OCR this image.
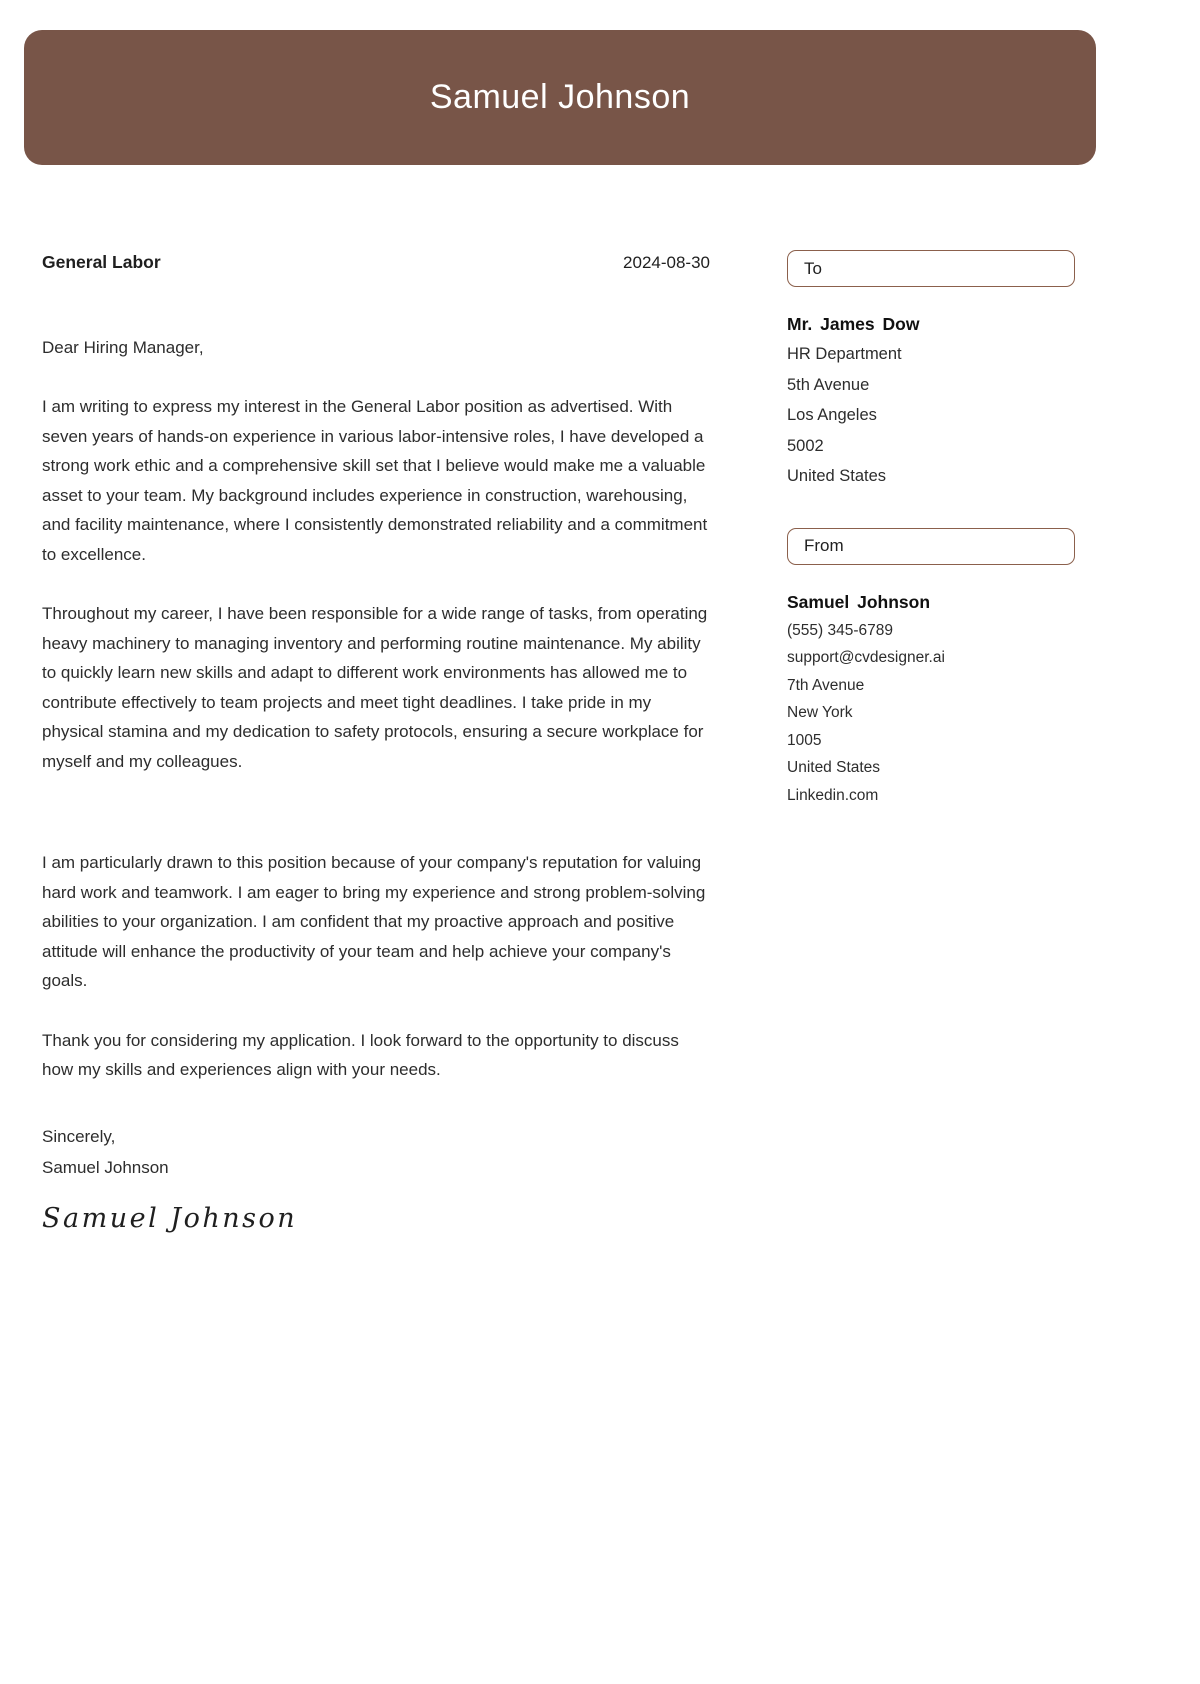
Samuel Johnson
General Labor	2024-08-30
Dear Hiring Manager,

I am writing to express my interest in the General Labor position as advertised. With seven years of hands-on experience in various labor-intensive roles, I have developed a strong work ethic and a comprehensive skill set that I believe would make me a valuable asset to your team. My background includes experience in construction, warehousing, and facility maintenance, where I consistently demonstrated reliability and a commitment to excellence.

Throughout my career, I have been responsible for a wide range of tasks, from operating heavy machinery to managing inventory and performing routine maintenance. My ability to quickly learn new skills and adapt to different work environments has allowed me to contribute effectively to team projects and meet tight deadlines. I take pride in my physical stamina and my dedication to safety protocols, ensuring a secure workplace for myself and my colleagues.

I am particularly drawn to this position because of your company's reputation for valuing hard work and teamwork. I am eager to bring my experience and strong problem-solving abilities to your organization. I am confident that my proactive approach and positive attitude will enhance the productivity of your team and help achieve your company's goals.

Thank you for considering my application. I look forward to the opportunity to discuss how my skills and experiences align with your needs.

Sincerely,
Samuel Johnson
Samuel Johnson
To
Mr. James Dow
HR Department
5th Avenue
Los Angeles
5002
United States
From
Samuel Johnson
(555) 345-6789
support@cvdesigner.ai
7th Avenue
New York
1005
United States
Linkedin.com
